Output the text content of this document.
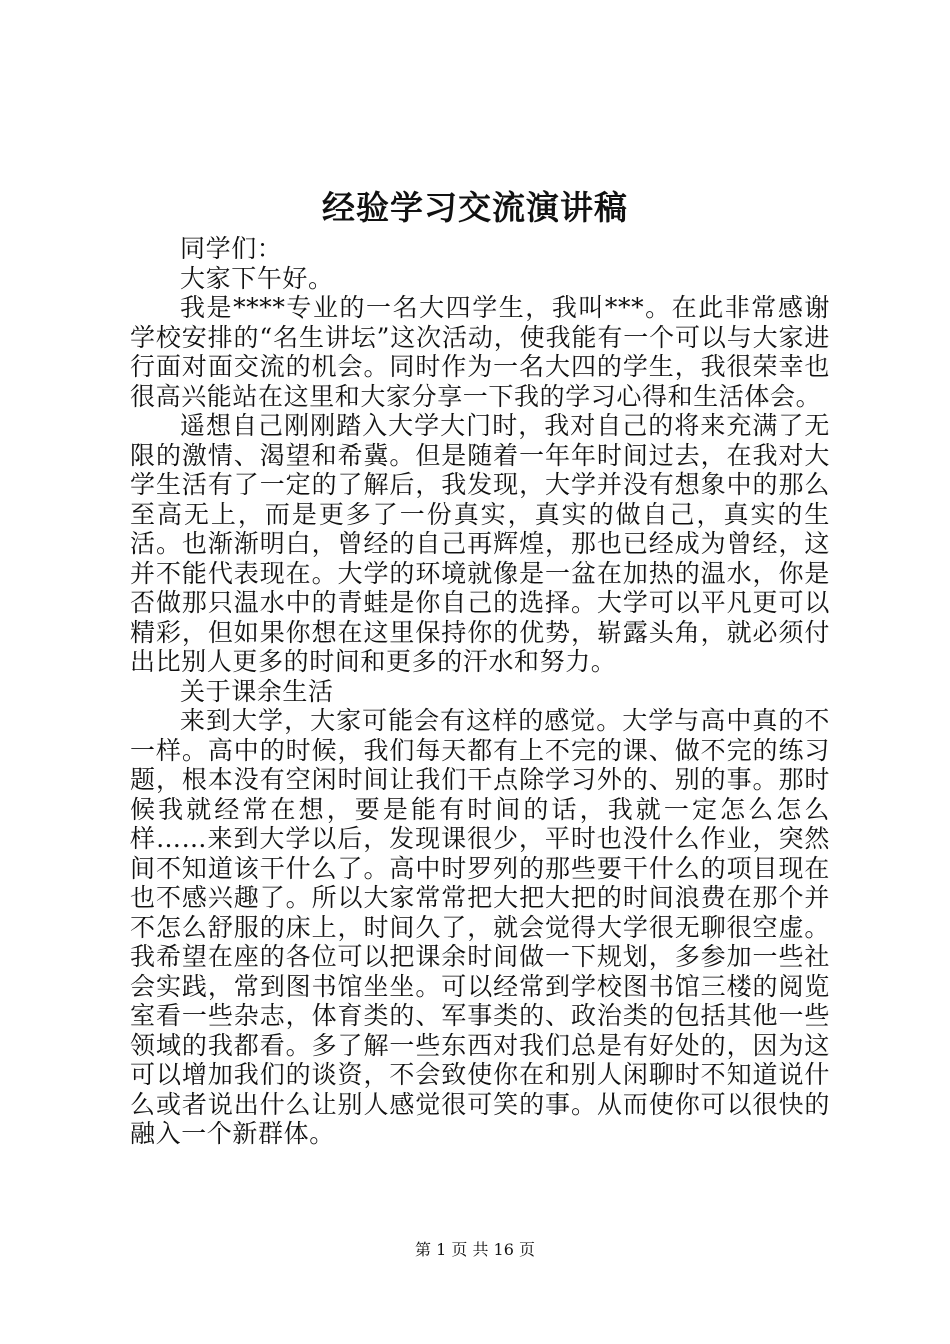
经验学习交流演讲稿

同学们：

大家下午好。

我是****专业的一名大四学生，我叫***。在此非常感谢学校安排的“名生讲坛”这次活动，使我能有一个可以与大家进行面对面交流的机会。同时作为一名大四的学生，我很荣幸也很高兴能站在这里和大家分享一下我的学习心得和生活体会。

遥想自己刚刚踏入大学大门时，我对自己的将来充满了无限的激情、渴望和希冀。但是随着一年年时间过去，在我对大学生活有了一定的了解后，我发现，大学并没有想象中的那么至高无上，而是更多了一份真实，真实的做自己，真实的生活。也渐渐明白，曾经的自己再辉煌，那也已经成为曾经，这并不能代表现在。大学的环境就像是一盆在加热的温水，你是否做那只温水中的青蛙是你自己的选择。大学可以平凡更可以精彩，但如果你想在这里保持你的优势，崭露头角，就必须付出比别人更多的时间和更多的汗水和努力。

关于课余生活

来到大学，大家可能会有这样的感觉。大学与高中真的不一样。高中的时候，我们每天都有上不完的课、做不完的练习题，根本没有空闲时间让我们干点除学习外的、别的事。那时候我就经常在想，要是能有时间的话，我就一定怎么怎么样……来到大学以后，发现课很少，平时也没什么作业，突然间不知道该干什么了。高中时罗列的那些要干什么的项目现在也不感兴趣了。所以大家常常把大把大把的时间浪费在那个并不怎么舒服的床上，时间久了，就会觉得大学很无聊很空虚。我希望在座的各位可以把课余时间做一下规划，多参加一些社会实践，常到图书馆坐坐。可以经常到学校图书馆三楼的阅览室看一些杂志，体育类的、军事类的、政治类的包括其他一些领域的我都看。多了解一些东西对我们总是有好处的，因为这可以增加我们的谈资，不会致使你在和别人闲聊时不知道说什么或者说出什么让别人感觉很可笑的事。从而使你可以很快的融入一个新群体。

第 1 页 共 16 页
